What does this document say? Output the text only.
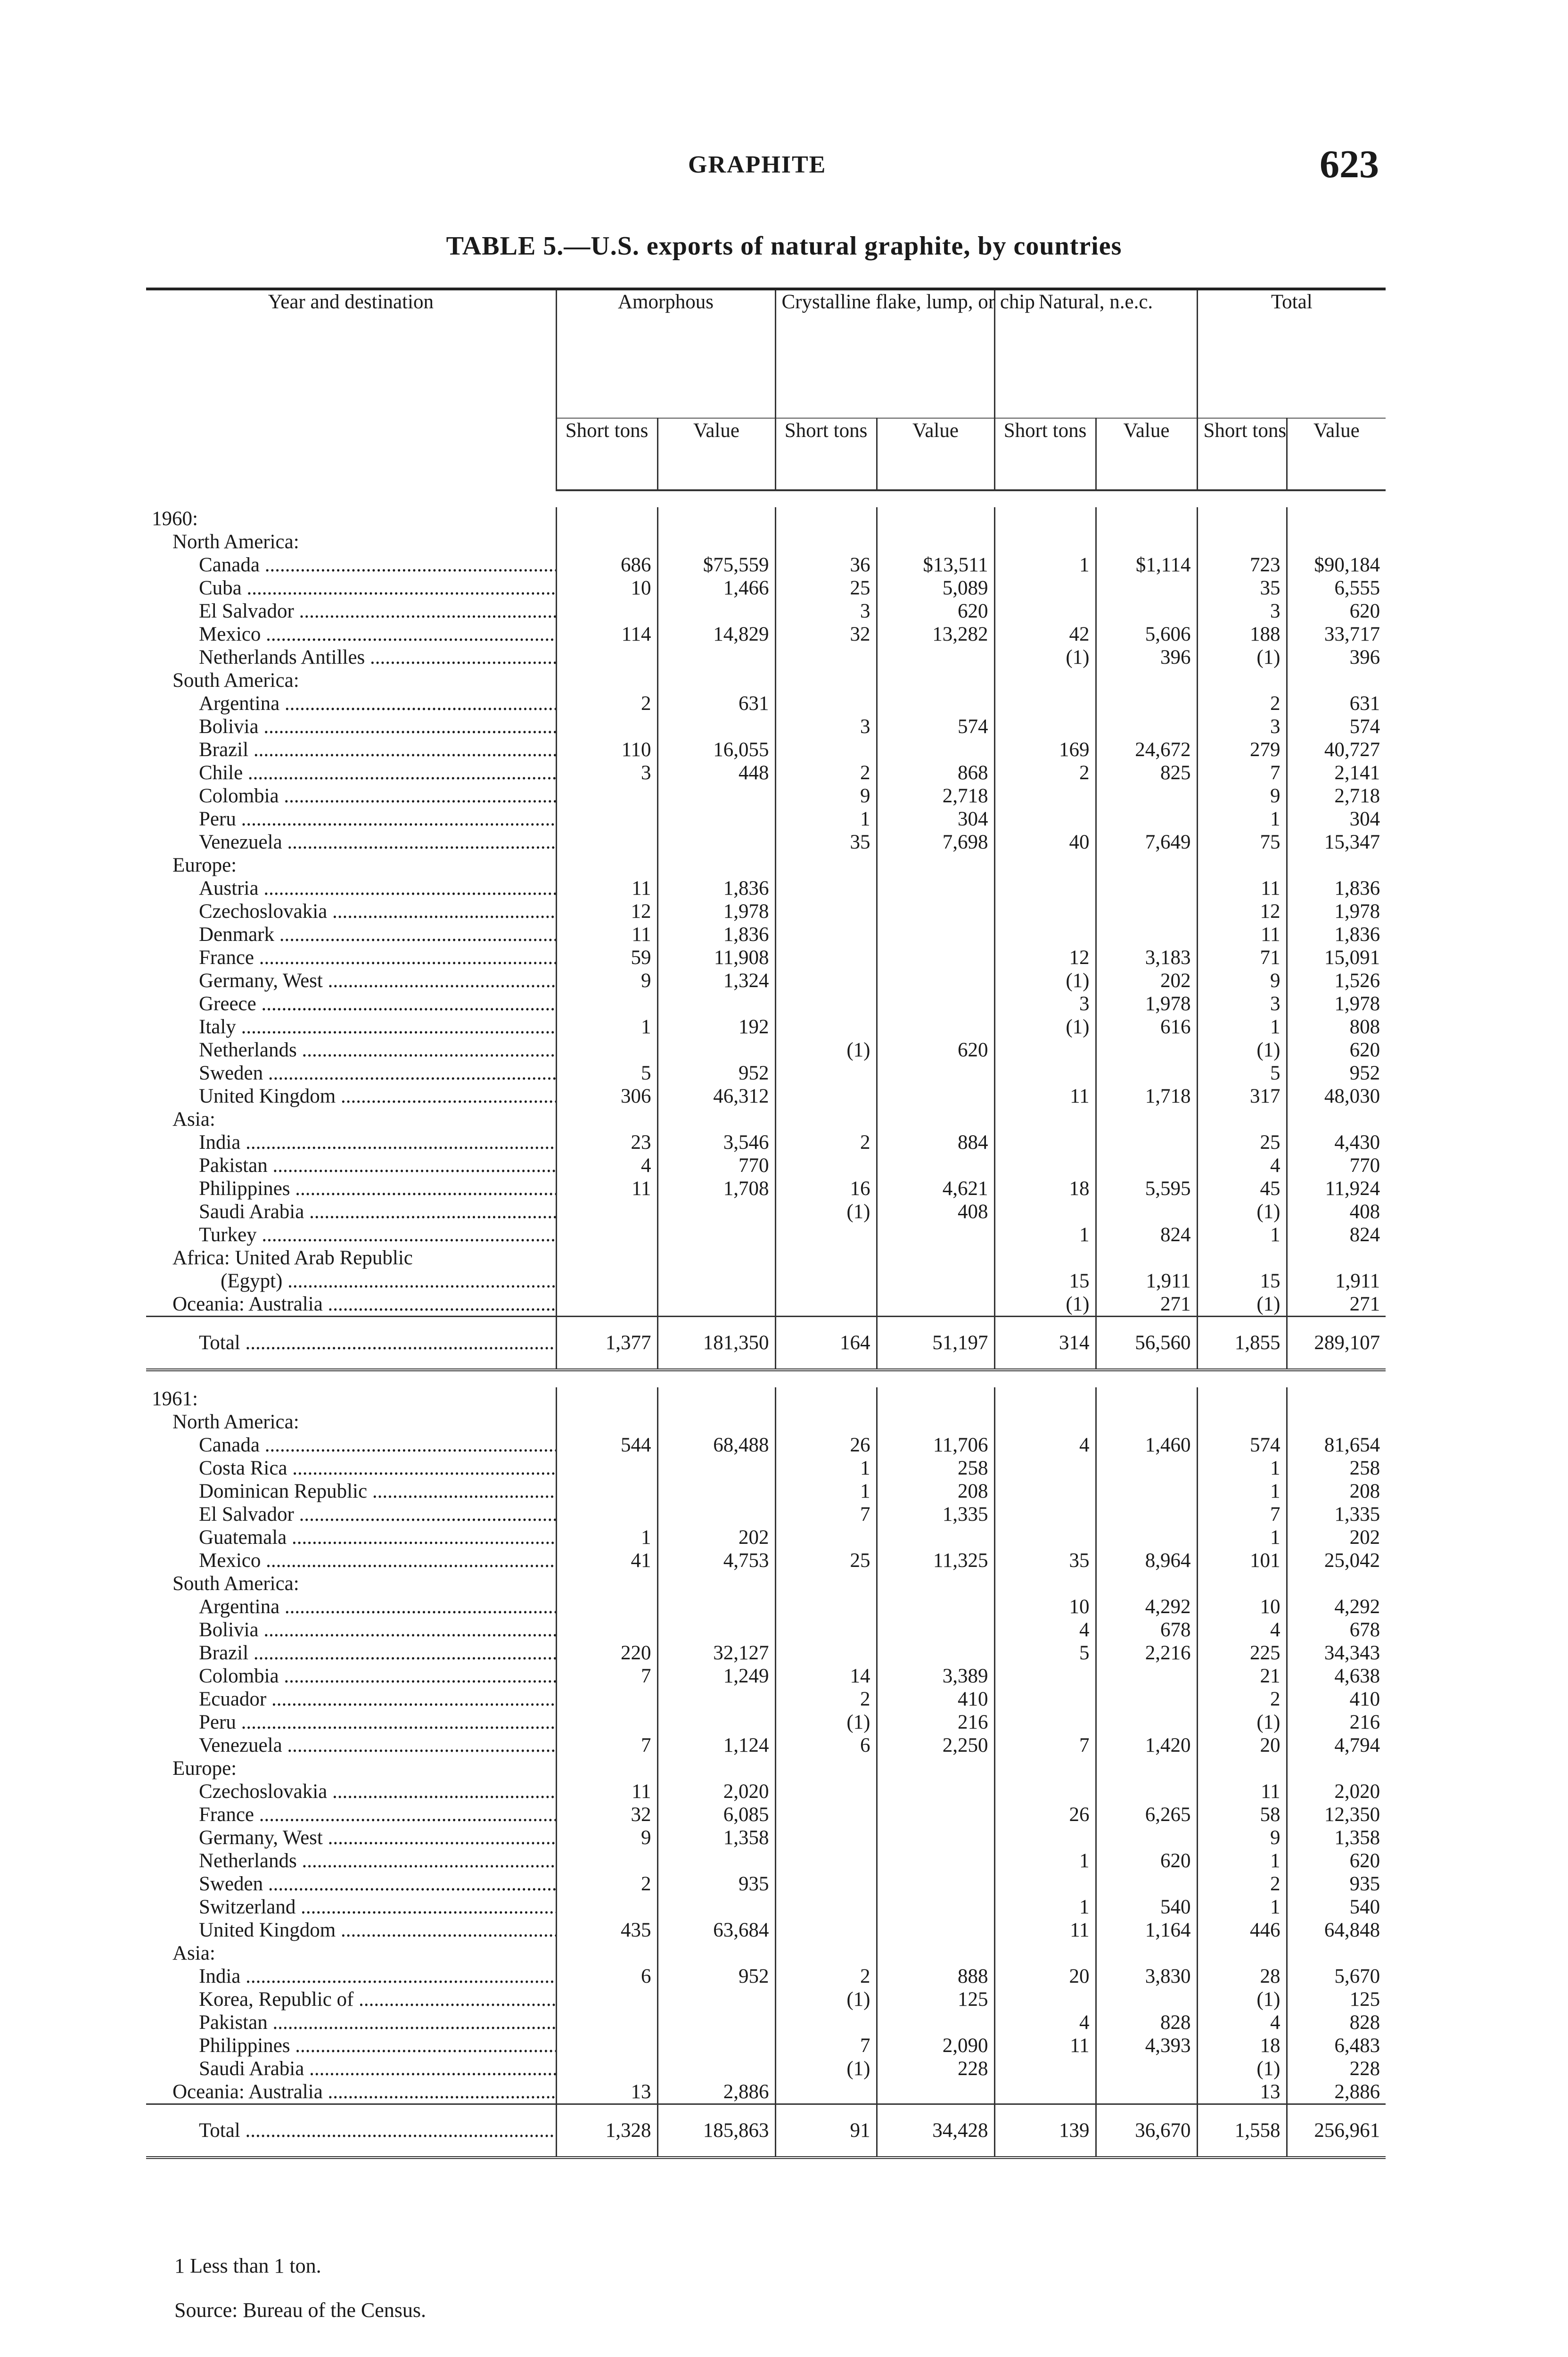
GRAPHITE	623
TABLE 5.—U.S. exports of natural graphite, by countries

Year and destination	Amorphous		Crystalline flake, lump, or chip		Natural, n.e.c.		Total	
	Short tons	Value	Short tons	Value	Short tons	Value	Short tons	Value

1960:								
North America:								
Canada .....	686	$75,559	36	$13,511	1	$1,114	723	$90,184
Cuba .....	10	1,466	25	5,089			35	6,555
El Salvador .....			3	620			3	620
Mexico .....	114	14,829	32	13,282	42	5,606	188	33,717
Netherlands Antilles .....					(1)	396	(1)	396
South America:								
Argentina .....	2	631					2	631
Bolivia .....			3	574			3	574
Brazil .....	110	16,055			169	24,672	279	40,727
Chile .....	3	448	2	868	2	825	7	2,141
Colombia .....			9	2,718			9	2,718
Peru .....			1	304			1	304
Venezuela .....			35	7,698	40	7,649	75	15,347
Europe:								
Austria .....	11	1,836					11	1,836
Czechoslovakia .....	12	1,978					12	1,978
Denmark .....	11	1,836					11	1,836
France .....	59	11,908			12	3,183	71	15,091
Germany, West .....	9	1,324			(1)	202	9	1,526
Greece .....					3	1,978	3	1,978
Italy .....	1	192			(1)	616	1	808
Netherlands .....			(1)	620			(1)	620
Sweden .....	5	952					5	952
United Kingdom .....	306	46,312			11	1,718	317	48,030
Asia:								
India .....	23	3,546	2	884			25	4,430
Pakistan .....	4	770					4	770
Philippines .....	11	1,708	16	4,621	18	5,595	45	11,924
Saudi Arabia .....			(1)	408			(1)	408
Turkey .....					1	824	1	824
Africa: United Arab Republic								
(Egypt) .....					15	1,911	15	1,911
Oceania: Australia .....					(1)	271	(1)	271
Total .....	1,377	181,350	164	51,197	314	56,560	1,855	289,107

1961:								
North America:								
Canada .....	544	68,488	26	11,706	4	1,460	574	81,654
Costa Rica .....			1	258			1	258
Dominican Republic .....			1	208			1	208
El Salvador .....			7	1,335			7	1,335
Guatemala .....	1	202					1	202
Mexico .....	41	4,753	25	11,325	35	8,964	101	25,042
South America:								
Argentina .....					10	4,292	10	4,292
Bolivia .....					4	678	4	678
Brazil .....	220	32,127			5	2,216	225	34,343
Colombia .....	7	1,249	14	3,389			21	4,638
Ecuador .....			2	410			2	410
Peru .....			(1)	216			(1)	216
Venezuela .....	7	1,124	6	2,250	7	1,420	20	4,794
Europe:								
Czechoslovakia .....	11	2,020					11	2,020
France .....	32	6,085			26	6,265	58	12,350
Germany, West .....	9	1,358					9	1,358
Netherlands .....					1	620	1	620
Sweden .....	2	935					2	935
Switzerland .....					1	540	1	540
United Kingdom .....	435	63,684			11	1,164	446	64,848
Asia:								
India .....	6	952	2	888	20	3,830	28	5,670
Korea, Republic of .....			(1)	125			(1)	125
Pakistan .....					4	828	4	828
Philippines .....			7	2,090	11	4,393	18	6,483
Saudi Arabia .....			(1)	228			(1)	228
Oceania: Australia .....	13	2,886					13	2,886
Total .....	1,328	185,863	91	34,428	139	36,670	1,558	256,961
1 Less than 1 ton.
Source: Bureau of the Census.
